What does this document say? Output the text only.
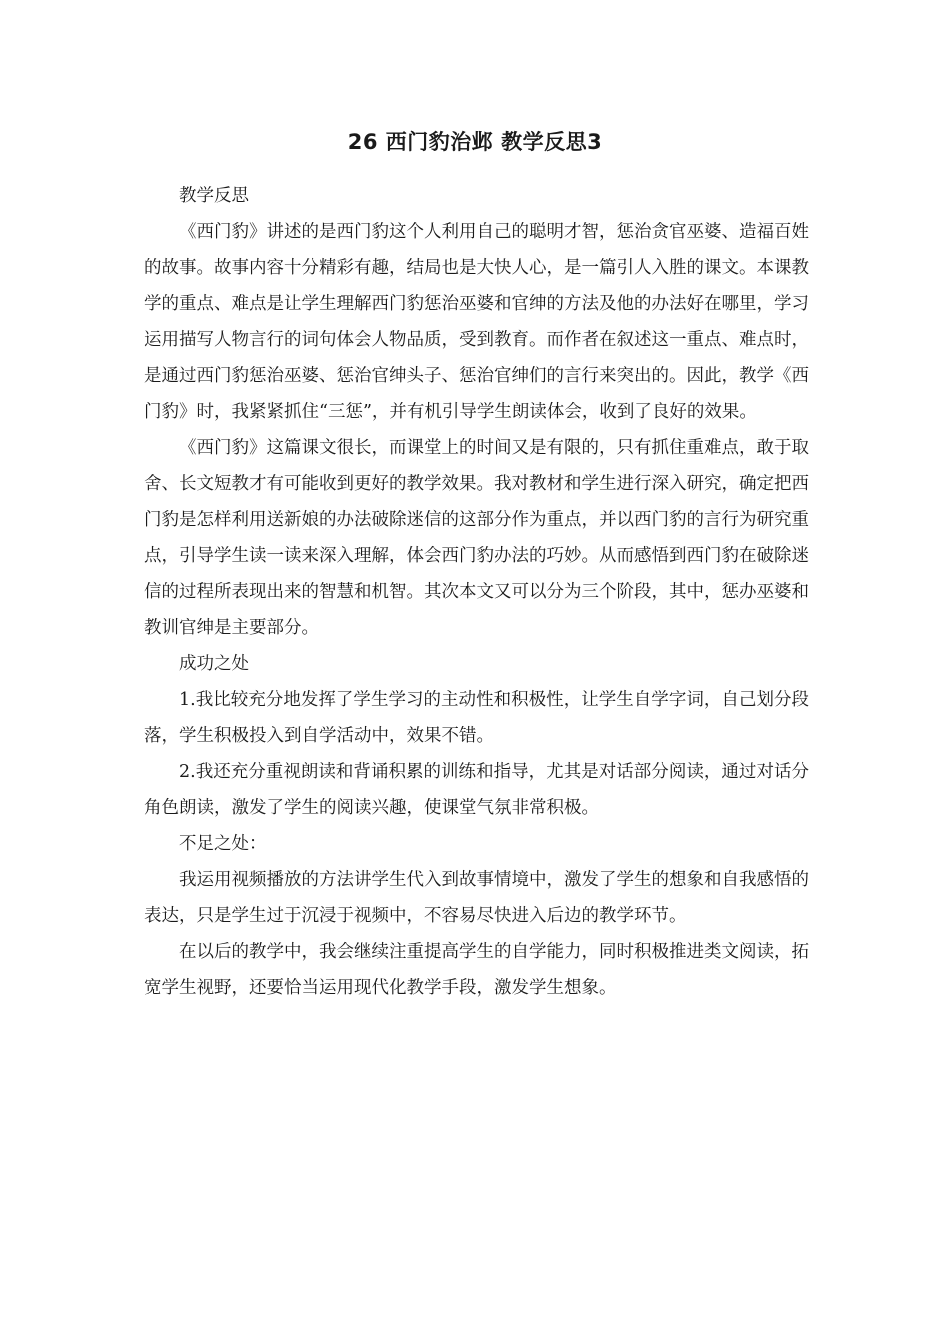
26 西门豹治邺 教学反思3

教学反思

《西门豹》讲述的是西门豹这个人利用自己的聪明才智，惩治贪官巫婆、造福百姓的故事。故事内容十分精彩有趣，结局也是大快人心，是一篇引人入胜的课文。本课教学的重点、难点是让学生理解西门豹惩治巫婆和官绅的方法及他的办法好在哪里，学习运用描写人物言行的词句体会人物品质，受到教育。而作者在叙述这一重点、难点时，是通过西门豹惩治巫婆、惩治官绅头子、惩治官绅们的言行来突出的。因此，教学《西门豹》时，我紧紧抓住“三惩”，并有机引导学生朗读体会，收到了良好的效果。

《西门豹》这篇课文很长，而课堂上的时间又是有限的，只有抓住重难点，敢于取舍、长文短教才有可能收到更好的教学效果。我对教材和学生进行深入研究，确定把西门豹是怎样利用送新娘的办法破除迷信的这部分作为重点，并以西门豹的言行为研究重点，引导学生读一读来深入理解，体会西门豹办法的巧妙。从而感悟到西门豹在破除迷信的过程所表现出来的智慧和机智。其次本文又可以分为三个阶段，其中，惩办巫婆和教训官绅是主要部分。

成功之处

1.我比较充分地发挥了学生学习的主动性和积极性，让学生自学字词，自己划分段落，学生积极投入到自学活动中，效果不错。

2.我还充分重视朗读和背诵积累的训练和指导，尤其是对话部分阅读，通过对话分角色朗读，激发了学生的阅读兴趣，使课堂气氛非常积极。

不足之处：

我运用视频播放的方法讲学生代入到故事情境中，激发了学生的想象和自我感悟的表达，只是学生过于沉浸于视频中，不容易尽快进入后边的教学环节。

在以后的教学中，我会继续注重提高学生的自学能力，同时积极推进类文阅读，拓宽学生视野，还要恰当运用现代化教学手段，激发学生想象。
